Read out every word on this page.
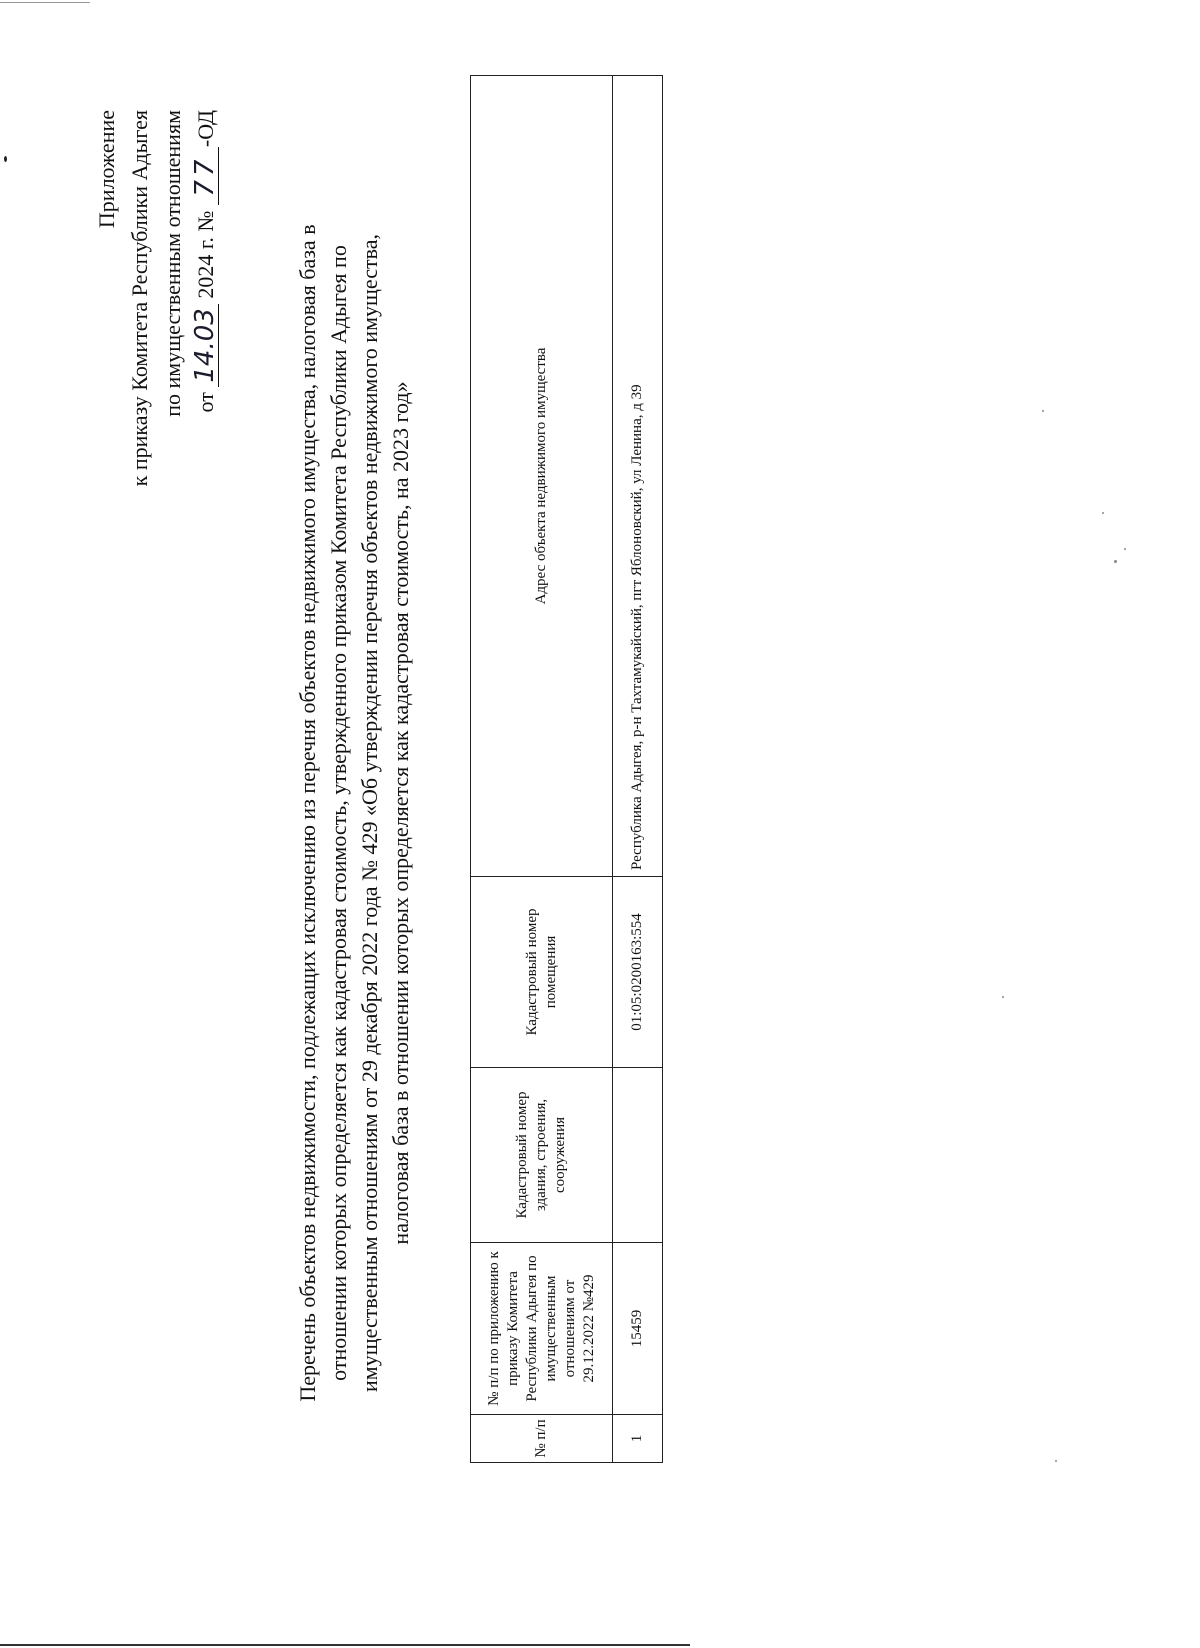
Приложение к приказу Комитета Республики Адыгея по имущественным отношениям от 14.03 2024 г. № 77-ОД
Перечень объектов недвижимости, подлежащих исключению из перечня объектов недвижимого имущества, налоговая база в отношении которых определяется как кадастровая стоимость, утвержденного приказом Комитета Республики Адыгея по имущественным отношениям от 29 декабря 2022 года № 429 «Об утверждении перечня объектов недвижимого имущества, налоговая база в отношении которых определяется как кадастровая стоимость, на 2023 год»
№ п/п	№ п/п по приложению к приказу Комитета Республики Адыгея по имущественным отношениям от 29.12.2022 №429	Кадастровый номер здания, строения, сооружения	Кадастровый номер помещения	Адрес объекта недвижимого имущества
1	15459		01:05:0200163:554	Республика Адыгея, р-н Тахтамукайский, пгт Яблоновский, ул Ленина, д 39
